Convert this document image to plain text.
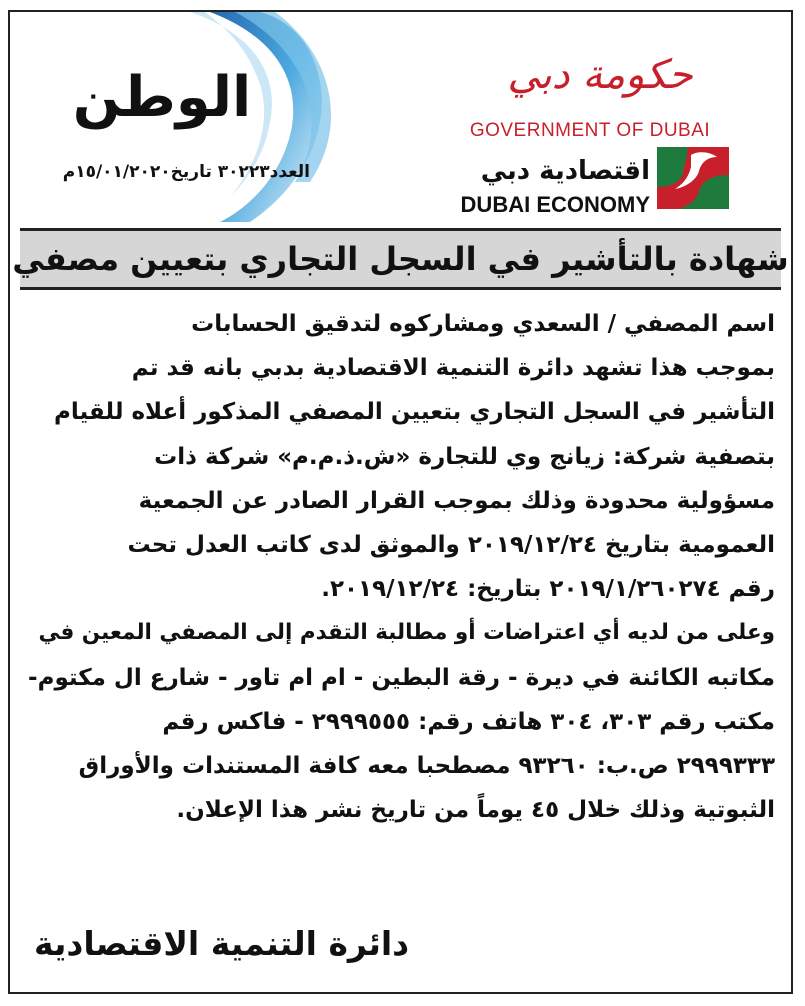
الوطن
العدد٣٠٢٢٣ تاريخ١٥/٠١/٢٠٢٠م
حكومة دبي
GOVERNMENT OF DUBAI
اقتصادية دبي
DUBAI ECONOMY
شهادة بالتأشير في السجل التجاري بتعيين مصفي
اسم المصفي / السعدي ومشاركوه لتدقيق الحسابات
بموجب هذا تشهد دائرة التنمية الاقتصادية بدبي بانه قد تم
التأشير في السجل التجاري بتعيين المصفي المذكور أعلاه للقيام
بتصفية شركة: زيانج وي للتجارة «ش.ذ.م.م» شركة ذات
مسؤولية محدودة وذلك بموجب القرار الصادر عن الجمعية
العمومية بتاريخ ٢٠١٩/١٢/٢٤ والموثق لدى كاتب العدل تحت
رقم ٢٠١٩/١/٢٦٠٢٧٤ بتاريخ: ٢٠١٩/١٢/٢٤.
وعلى من لديه أي اعتراضات أو مطالبة التقدم إلى المصفي المعين في
مكاتبه الكائنة في ديرة - رقة البطين - ام ام تاور - شارع ال مكتوم-
مكتب رقم ٣٠٣، ٣٠٤ هاتف رقم: ٢٩٩٩٥٥٥ - فاكس رقم
٢٩٩٩٣٣٣ ص.ب: ٩٣٢٦٠ مصطحبا معه كافة المستندات والأوراق
الثبوتية وذلك خلال ٤٥ يوماً من تاريخ نشر هذا الإعلان.
دائرة التنمية الاقتصادية
